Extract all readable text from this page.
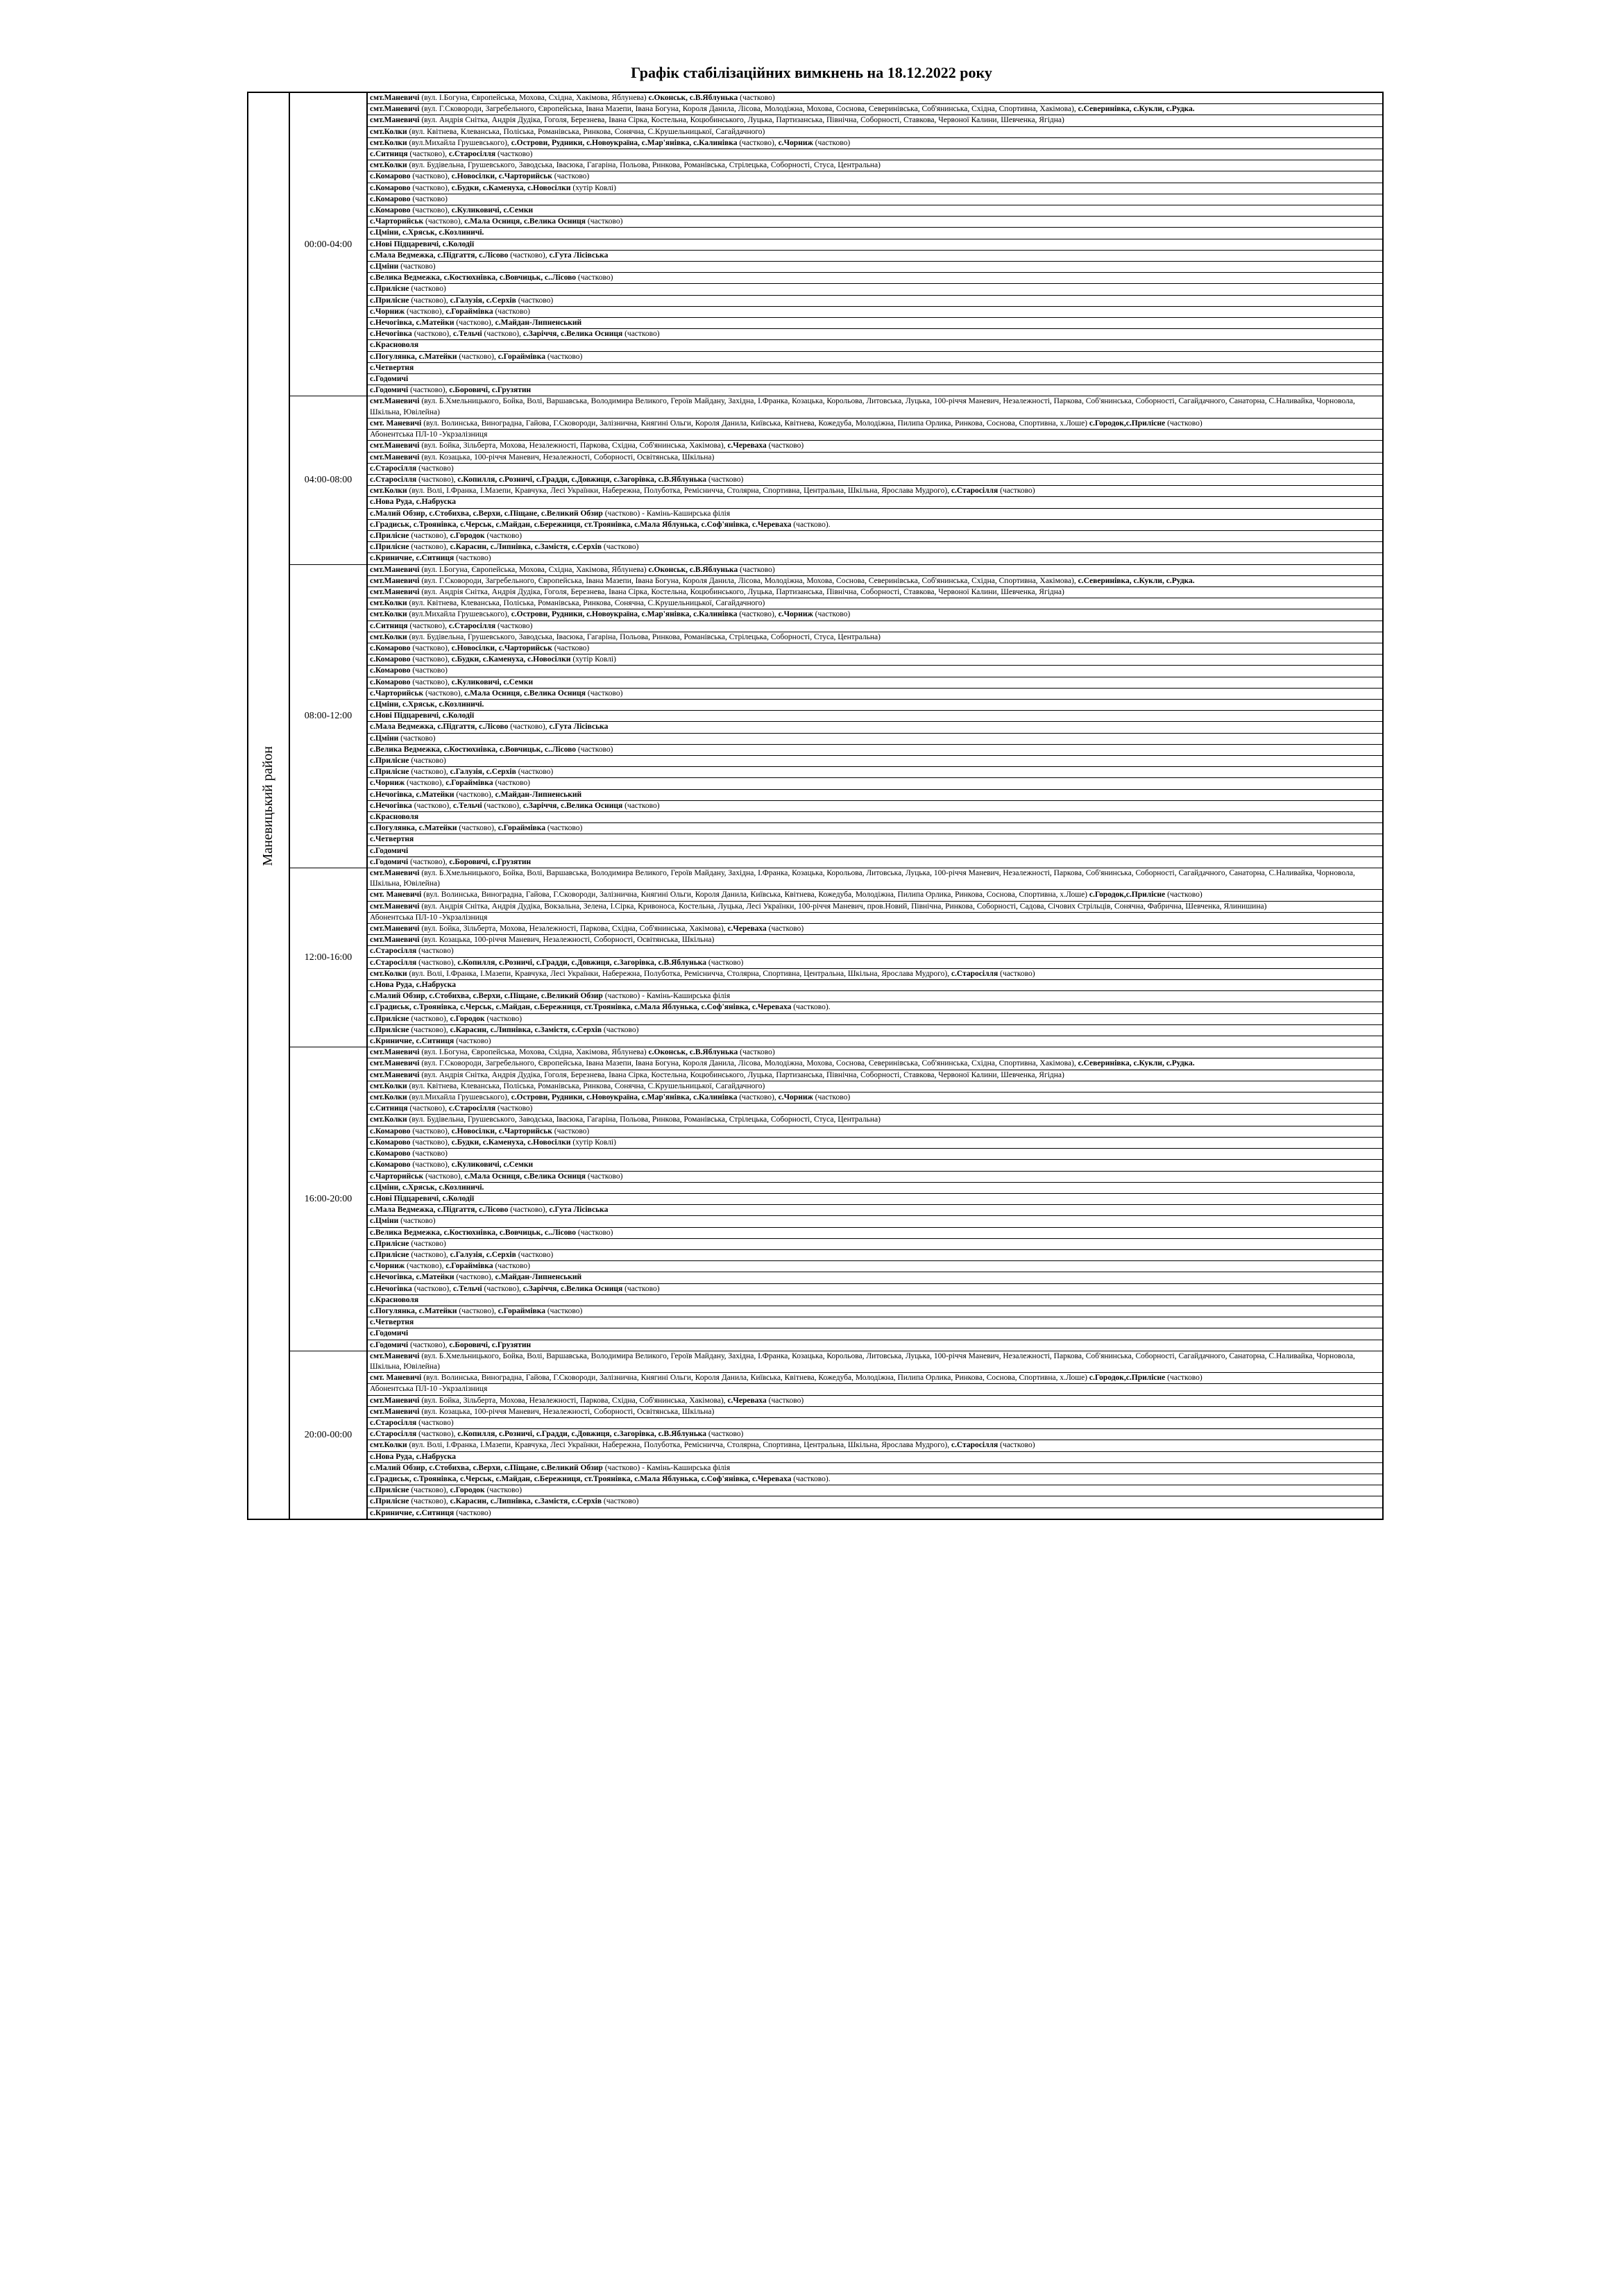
Графік стабілізаційних вимкнень на 18.12.2022 року
Маневицький район	00:00-04:00	смт.Маневичі (вул. І.Богуна, Європейська, Мохова, Східна, Хакімова, Яблунева) с.Оконськ, с.В.Яблунька (частково)
		смт.Маневичі (вул. Г.Сковороди, Загребельного, Європейська, Івана Мазепи, Івана Богуна, Короля Данила, Лісова, Молодіжна, Мохова, Соснова, Северинівська, Соб'янинська, Східна, Спортивна, Хакімова), с.Северинівка, с.Кукли, с.Рудка.
		смт.Маневичі (вул. Андрія Снітка, Андрія Дудіка, Гоголя, Березнева, Івана Сірка, Костельна, Коцюбинського, Луцька, Партизанська, Північна, Соборності, Ставкова, Червоної Калини, Шевченка, Ягідна)
		смт.Колки (вул. Квітнева, Клеванська, Поліська, Романівська, Ринкова, Сонячна, С.Крушельницької, Сагайдачного)
		смт.Колки (вул.Михайла Грушевського), с.Острови, Рудники, с.Новоукраїна, с.Мар'янівка, с.Калинівка (частково), с.Чорниж (частково)
		с.Ситниця (частково), с.Старосілля (частково)
		смт.Колки (вул. Будівельна, Грушевського, Заводська, Івасюка, Гагаріна, Польова, Ринкова, Романівська, Стрілецька, Соборності, Стуса, Центральна)
		с.Комарово (частково), с.Новосілки, с.Чарторийськ (частково)
		с.Комарово (частково), с.Будки, с.Каменуха, с.Новосілки (хутір Ковлі)
		с.Комарово (частково)
		с.Комарово (частково), с.Куликовичі, с.Семки
		с.Чарторийськ (частково), с.Мала Осниця, с.Велика Осниця (частково)
		с.Цміни, с.Хряськ, с.Козлиничі.
		с.Нові Підцаревичі, с.Колодії
		с.Мала Ведмежка, с.Підгаття, с.Лісово (частково), с.Гута Лісівська
		с.Цміни (частково)
		с.Велика Ведмежка, с.Костюхнівка, с.Вовчицьк, с..Лісово (частково)
		с.Прилісне (частково)
		с.Прилісне (частково), с.Галузія, с.Серхів (частково)
		с.Чорниж (частково), с.Гораймівка (частково)
		с.Нечогівка, с.Матейки (частково), с.Майдан-Липненський
		с.Нечогівка (частково), с.Тельчі (частково), с.Заріччя, с.Велика Осниця (частково)
		с.Красноволя
		с.Погулянка, с.Матейки (частково), с.Гораймівка (частково)
		с.Четвертня
		с.Годомичі
		с.Годомичі (частково), с.Боровичі, с.Грузятин
	04:00-08:00	смт.Маневичі (вул. Б.Хмельницького, Бойка, Волі, Варшавська, Володимира Великого, Героїв Майдану, Західна, І.Франка, Козацька, Корольова, Литовська, Луцька, 100-річчя Маневич, Незалежності, Паркова, Соб'янинська, Соборності, Сагайдачного, Санаторна, С.Наливайка, Чорновола, Шкільна, Ювілейна)
		смт. Маневичі (вул. Волинська, Виноградна, Гайова, Г.Сковороди, Залізнична, Княгині Ольги, Короля Данила, Київська, Квітнева, Кожедуба, Молодіжна, Пилипа Орлика, Ринкова, Соснова, Спортивна, х.Лоше) с.Городок,с.Прилісне (частково)
		Абонентська ПЛ-10 -Укрзалізниця
		смт.Маневичі (вул. Бойка, Зільберта, Мохова, Незалежності, Паркова, Східна, Соб'янинська, Хакімова), с.Череваха (частково)
		смт.Маневичі (вул. Козацька, 100-річчя Маневич, Незалежності, Соборності, Освітянська, Шкільна)
		с.Старосілля (частково)
		с.Старосілля (частково), с.Копилля, с.Розничі, с.Градди, с.Довжиця, с.Загорівка, с.В.Яблунька (частково)
		смт.Колки (вул. Волі, І.Франка, І.Мазепи, Кравчука, Лесі Українки, Набережна, Полуботка, Ремісничча, Столярна, Спортивна, Центральна, Шкільна, Ярослава Мудрого), с.Старосілля (частково)
		с.Нова Руда, с.Набруска
		с.Малий Обзир, с.Стобихва, с.Верхи, с.Піщане, с.Великий Обзир (частково) - Камінь-Каширська філія
		с.Градиськ, с.Троянівка, с.Черськ, с.Майдан, с.Бережниця, ст.Троянівка, с.Мала Яблунька, с.Соф'янівка, с.Череваха (частково).
		с.Прилісне (частково), с.Городок (частково)
		с.Прилісне (частково), с.Карасин, с.Липнівка, с.Замістя, с.Серхів (частково)
		с.Криничне, с.Ситниця (частково)
	08:00-12:00	смт.Маневичі (вул. І.Богуна, Європейська, Мохова, Східна, Хакімова, Яблунева) с.Оконськ, с.В.Яблунька (частково)
		смт.Маневичі (вул. Г.Сковороди, Загребельного, Європейська, Івана Мазепи, Івана Богуна, Короля Данила, Лісова, Молодіжна, Мохова, Соснова, Северинівська, Соб'янинська, Східна, Спортивна, Хакімова), с.Северинівка, с.Кукли, с.Рудка.
		смт.Маневичі (вул. Андрія Снітка, Андрія Дудіка, Гоголя, Березнева, Івана Сірка, Костельна, Коцюбинського, Луцька, Партизанська, Північна, Соборності, Ставкова, Червоної Калини, Шевченка, Ягідна)
		смт.Колки (вул. Квітнева, Клеванська, Поліська, Романівська, Ринкова, Сонячна, С.Крушельницької, Сагайдачного)
		смт.Колки (вул.Михайла Грушевського), с.Острови, Рудники, с.Новоукраїна, с.Мар'янівка, с.Калинівка (частково), с.Чорниж (частково)
		с.Ситниця (частково), с.Старосілля (частково)
		смт.Колки (вул. Будівельна, Грушевського, Заводська, Івасюка, Гагаріна, Польова, Ринкова, Романівська, Стрілецька, Соборності, Стуса, Центральна)
		с.Комарово (частково), с.Новосілки, с.Чарторийськ (частково)
		с.Комарово (частково), с.Будки, с.Каменуха, с.Новосілки (хутір Ковлі)
		с.Комарово (частково)
		с.Комарово (частково), с.Куликовичі, с.Семки
		с.Чарторийськ (частково), с.Мала Осниця, с.Велика Осниця (частково)
		с.Цміни, с.Хряськ, с.Козлиничі.
		с.Нові Підцаревичі, с.Колодії
		с.Мала Ведмежка, с.Підгаття, с.Лісово (частково), с.Гута Лісівська
		с.Цміни (частково)
		с.Велика Ведмежка, с.Костюхнівка, с.Вовчицьк, с..Лісово (частково)
		с.Прилісне (частково)
		с.Прилісне (частково), с.Галузія, с.Серхів (частково)
		с.Чорниж (частково), с.Гораймівка (частково)
		с.Нечогівка, с.Матейки (частково), с.Майдан-Липненський
		с.Нечогівка (частково), с.Тельчі (частково), с.Заріччя, с.Велика Осниця (частково)
		с.Красноволя
		с.Погулянка, с.Матейки (частково), с.Гораймівка (частково)
		с.Четвертня
		с.Годомичі
		с.Годомичі (частково), с.Боровичі, с.Грузятин
	12:00-16:00	смт.Маневичі (вул. Б.Хмельницького, Бойка, Волі, Варшавська, Володимира Великого, Героїв Майдану, Західна, І.Франка, Козацька, Корольова, Литовська, Луцька, 100-річчя Маневич, Незалежності, Паркова, Соб'янинська, Соборності, Сагайдачного, Санаторна, С.Наливайка, Чорновола, Шкільна, Ювілейна)
		смт. Маневичі (вул. Волинська, Виноградна, Гайова, Г.Сковороди, Залізнична, Княгині Ольги, Короля Данила, Київська, Квітнева, Кожедуба, Молодіжна, Пилипа Орлика, Ринкова, Соснова, Спортивна, х.Лоше) с.Городок,с.Прилісне (частково)
		смт.Маневичі (вул. Андрія Снітка, Андрія Дудіка, Вокзальна, Зелена, І.Сірка, Кривоноса, Костельна, Луцька, Лесі Українки, 100-річчя Маневич, пров.Новий, Північна, Ринкова, Соборності, Садова, Січових Стрільців, Сонячна, Фабрична, Шевченка, Ялинишина)
		Абонентська ПЛ-10 -Укрзалізниця
		смт.Маневичі (вул. Бойка, Зільберта, Мохова, Незалежності, Паркова, Східна, Соб'янинська, Хакімова), с.Череваха (частково)
		смт.Маневичі (вул. Козацька, 100-річчя Маневич, Незалежності, Соборності, Освітянська, Шкільна)
		с.Старосілля (частково)
		с.Старосілля (частково), с.Копилля, с.Розничі, с.Градди, с.Довжиця, с.Загорівка, с.В.Яблунька (частково)
		смт.Колки (вул. Волі, І.Франка, І.Мазепи, Кравчука, Лесі Українки, Набережна, Полуботка, Ремісничча, Столярна, Спортивна, Центральна, Шкільна, Ярослава Мудрого), с.Старосілля (частково)
		с.Нова Руда, с.Набруска
		с.Малий Обзир, с.Стобихва, с.Верхи, с.Піщане, с.Великий Обзир (частково) - Камінь-Каширська філія
		с.Градиськ, с.Троянівка, с.Черськ, с.Майдан, с.Бережниця, ст.Троянівка, с.Мала Яблунька, с.Соф'янівка, с.Череваха (частково).
		с.Прилісне (частково), с.Городок (частково)
		с.Прилісне (частково), с.Карасин, с.Липнівка, с.Замістя, с.Серхів (частково)
		с.Криничне, с.Ситниця (частково)
	16:00-20:00	смт.Маневичі (вул. І.Богуна, Європейська, Мохова, Східна, Хакімова, Яблунева) с.Оконськ, с.В.Яблунька (частково)
		смт.Маневичі (вул. Г.Сковороди, Загребельного, Європейська, Івана Мазепи, Івана Богуна, Короля Данила, Лісова, Молодіжна, Мохова, Соснова, Северинівська, Соб'янинська, Східна, Спортивна, Хакімова), с.Северинівка, с.Кукли, с.Рудка.
		смт.Маневичі (вул. Андрія Снітка, Андрія Дудіка, Гоголя, Березнева, Івана Сірка, Костельна, Коцюбинського, Луцька, Партизанська, Північна, Соборності, Ставкова, Червоної Калини, Шевченка, Ягідна)
		смт.Колки (вул. Квітнева, Клеванська, Поліська, Романівська, Ринкова, Сонячна, С.Крушельницької, Сагайдачного)
		смт.Колки (вул.Михайла Грушевського), с.Острови, Рудники, с.Новоукраїна, с.Мар'янівка, с.Калинівка (частково), с.Чорниж (частково)
		с.Ситниця (частково), с.Старосілля (частково)
		смт.Колки (вул. Будівельна, Грушевського, Заводська, Івасюка, Гагаріна, Польова, Ринкова, Романівська, Стрілецька, Соборності, Стуса, Центральна)
		с.Комарово (частково), с.Новосілки, с.Чарторийськ (частково)
		с.Комарово (частково), с.Будки, с.Каменуха, с.Новосілки (хутір Ковлі)
		с.Комарово (частково)
		с.Комарово (частково), с.Куликовичі, с.Семки
		с.Чарторийськ (частково), с.Мала Осниця, с.Велика Осниця (частково)
		с.Цміни, с.Хряськ, с.Козлиничі.
		с.Нові Підцаревичі, с.Колодії
		с.Мала Ведмежка, с.Підгаття, с.Лісово (частково), с.Гута Лісівська
		с.Цміни (частково)
		с.Велика Ведмежка, с.Костюхнівка, с.Вовчицьк, с..Лісово (частково)
		с.Прилісне (частково)
		с.Прилісне (частково), с.Галузія, с.Серхів (частково)
		с.Чорниж (частково), с.Гораймівка (частково)
		с.Нечогівка, с.Матейки (частково), с.Майдан-Липненський
		с.Нечогівка (частково), с.Тельчі (частково), с.Заріччя, с.Велика Осниця (частково)
		с.Красноволя
		с.Погулянка, с.Матейки (частково), с.Гораймівка (частково)
		с.Четвертня
		с.Годомичі
		с.Годомичі (частково), с.Боровичі, с.Грузятин
	20:00-00:00	смт.Маневичі (вул. Б.Хмельницького, Бойка, Волі, Варшавська, Володимира Великого, Героїв Майдану, Західна, І.Франка, Козацька, Корольова, Литовська, Луцька, 100-річчя Маневич, Незалежності, Паркова, Соб'янинська, Соборності, Сагайдачного, Санаторна, С.Наливайка, Чорновола, Шкільна, Ювілейна)
		смт. Маневичі (вул. Волинська, Виноградна, Гайова, Г.Сковороди, Залізнична, Княгині Ольги, Короля Данила, Київська, Квітнева, Кожедуба, Молодіжна, Пилипа Орлика, Ринкова, Соснова, Спортивна, х.Лоше) с.Городок,с.Прилісне (частково)
		Абонентська ПЛ-10 -Укрзалізниця
		смт.Маневичі (вул. Бойка, Зільберта, Мохова, Незалежності, Паркова, Східна, Соб'янинська, Хакімова), с.Череваха (частково)
		смт.Маневичі (вул. Козацька, 100-річчя Маневич, Незалежності, Соборності, Освітянська, Шкільна)
		с.Старосілля (частково)
		с.Старосілля (частково), с.Копилля, с.Розничі, с.Градди, с.Довжиця, с.Загорівка, с.В.Яблунька (частково)
		смт.Колки (вул. Волі, І.Франка, І.Мазепи, Кравчука, Лесі Українки, Набережна, Полуботка, Ремісничча, Столярна, Спортивна, Центральна, Шкільна, Ярослава Мудрого), с.Старосілля (частково)
		с.Нова Руда, с.Набруска
		с.Малий Обзир, с.Стобихва, с.Верхи, с.Піщане, с.Великий Обзир (частково) - Камінь-Каширська філія
		с.Градиськ, с.Троянівка, с.Черськ, с.Майдан, с.Бережниця, ст.Троянівка, с.Мала Яблунька, с.Соф'янівка, с.Череваха (частково).
		с.Прилісне (частково), с.Городок (частково)
		с.Прилісне (частково), с.Карасин, с.Липнівка, с.Замістя, с.Серхів (частково)
		с.Криничне, с.Ситниця (частково)
